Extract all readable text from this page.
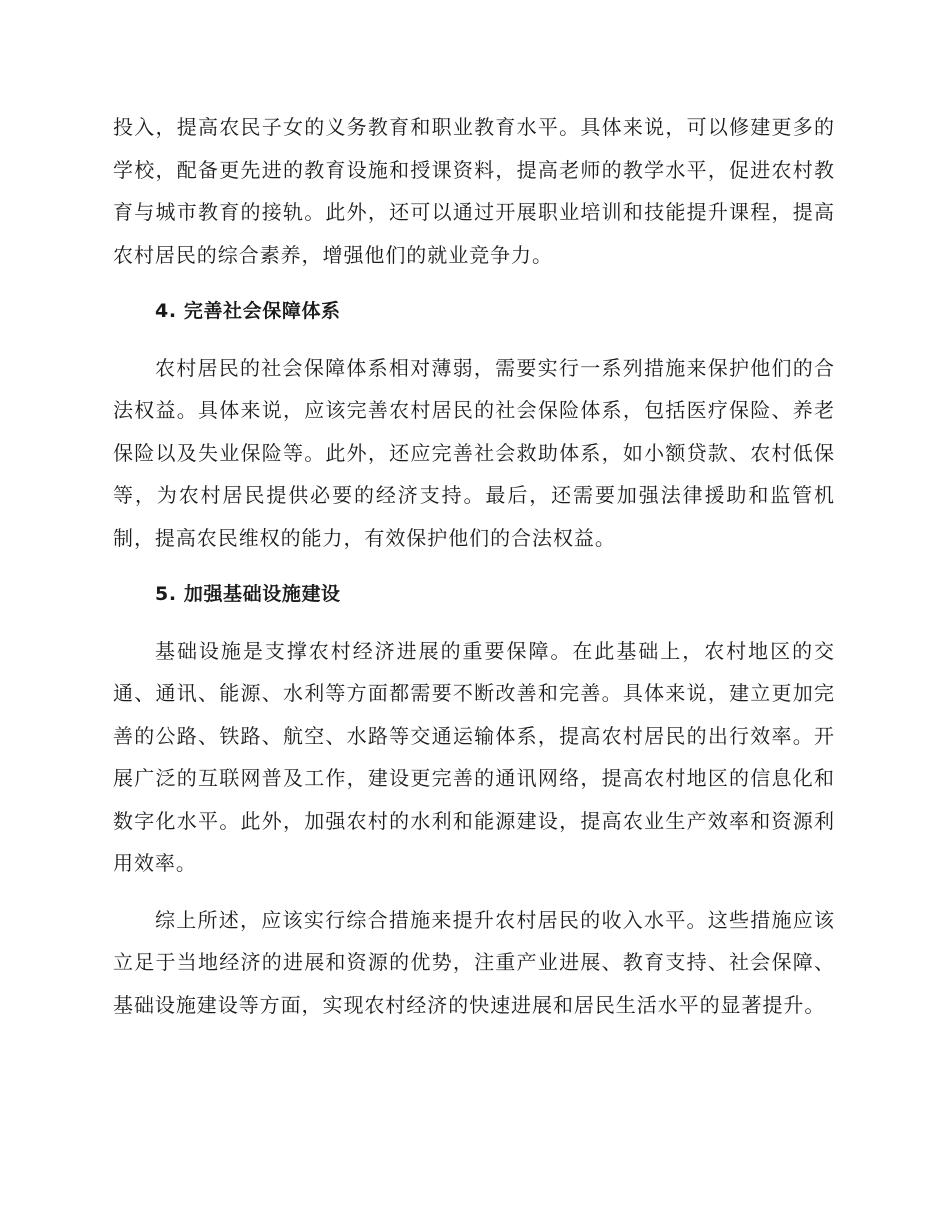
投入，提高农民子女的义务教育和职业教育水平。具体来说，可以修建更多的学校，配备更先进的教育设施和授课资料，提高老师的教学水平，促进农村教育与城市教育的接轨。此外，还可以通过开展职业培训和技能提升课程，提高农村居民的综合素养，增强他们的就业竞争力。

4. 完善社会保障体系

农村居民的社会保障体系相对薄弱，需要实行一系列措施来保护他们的合法权益。具体来说，应该完善农村居民的社会保险体系，包括医疗保险、养老保险以及失业保险等。此外，还应完善社会救助体系，如小额贷款、农村低保等，为农村居民提供必要的经济支持。最后，还需要加强法律援助和监管机制，提高农民维权的能力，有效保护他们的合法权益。

5. 加强基础设施建设

基础设施是支撑农村经济进展的重要保障。在此基础上，农村地区的交通、通讯、能源、水利等方面都需要不断改善和完善。具体来说，建立更加完善的公路、铁路、航空、水路等交通运输体系，提高农村居民的出行效率。开展广泛的互联网普及工作，建设更完善的通讯网络，提高农村地区的信息化和数字化水平。此外，加强农村的水利和能源建设，提高农业生产效率和资源利用效率。

综上所述，应该实行综合措施来提升农村居民的收入水平。这些措施应该立足于当地经济的进展和资源的优势，注重产业进展、教育支持、社会保障、基础设施建设等方面，实现农村经济的快速进展和居民生活水平的显著提升。
